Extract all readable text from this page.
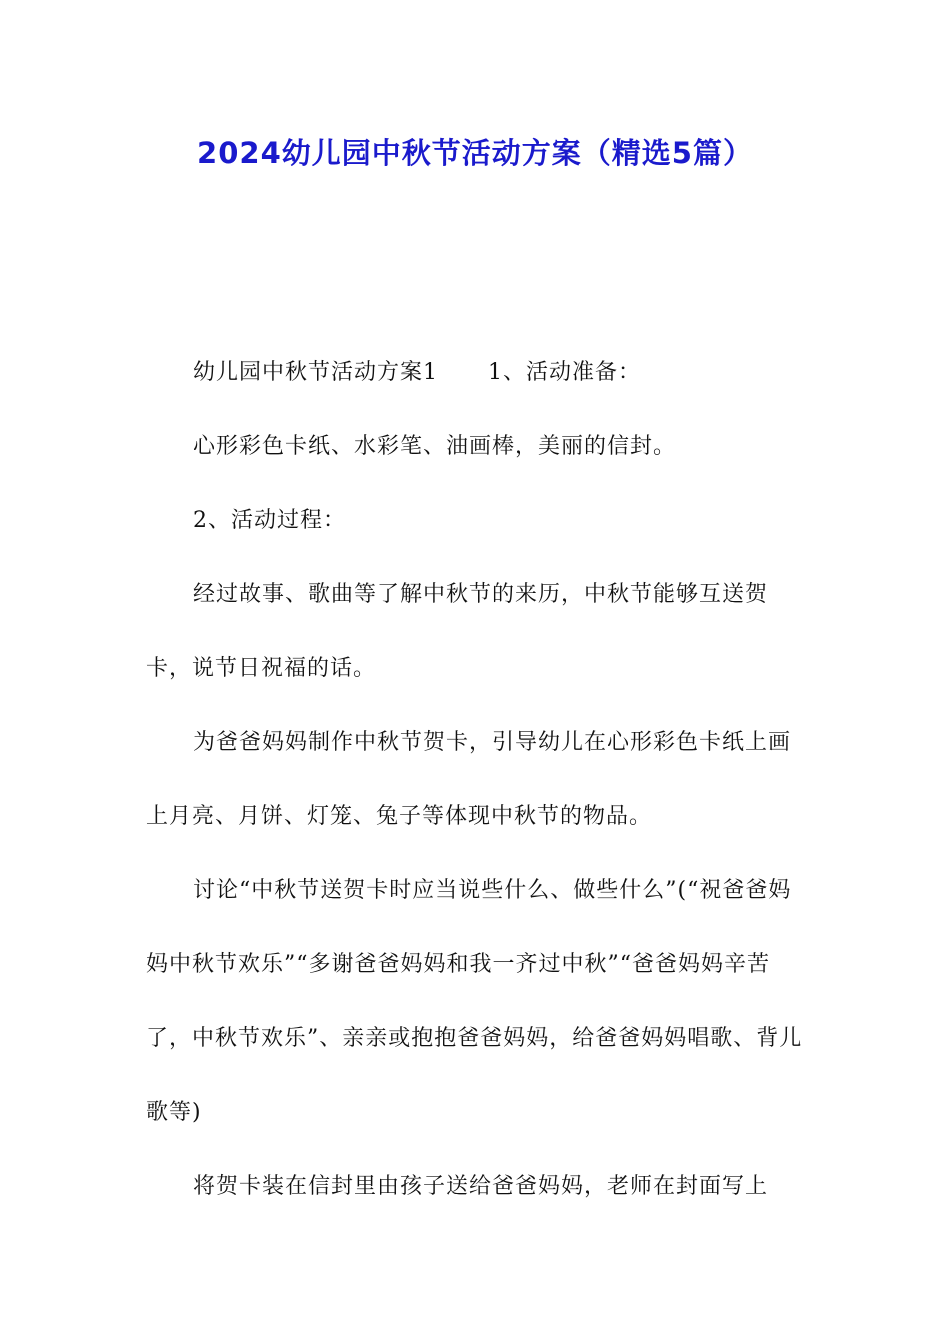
2024幼儿园中秋节活动方案（精选5篇）

幼儿园中秋节活动方案1 1、活动准备：

心形彩色卡纸、水彩笔、油画棒，美丽的信封。

2、活动过程：

经过故事、歌曲等了解中秋节的来历，中秋节能够互送贺卡，说节日祝福的话。

为爸爸妈妈制作中秋节贺卡，引导幼儿在心形彩色卡纸上画上月亮、月饼、灯笼、兔子等体现中秋节的物品。

讨论“中秋节送贺卡时应当说些什么、做些什么”(“祝爸爸妈妈中秋节欢乐”“多谢爸爸妈妈和我一齐过中秋”“爸爸妈妈辛苦了，中秋节欢乐”、亲亲或抱抱爸爸妈妈，给爸爸妈妈唱歌、背儿歌等)

将贺卡装在信封里由孩子送给爸爸妈妈，老师在封面写上
